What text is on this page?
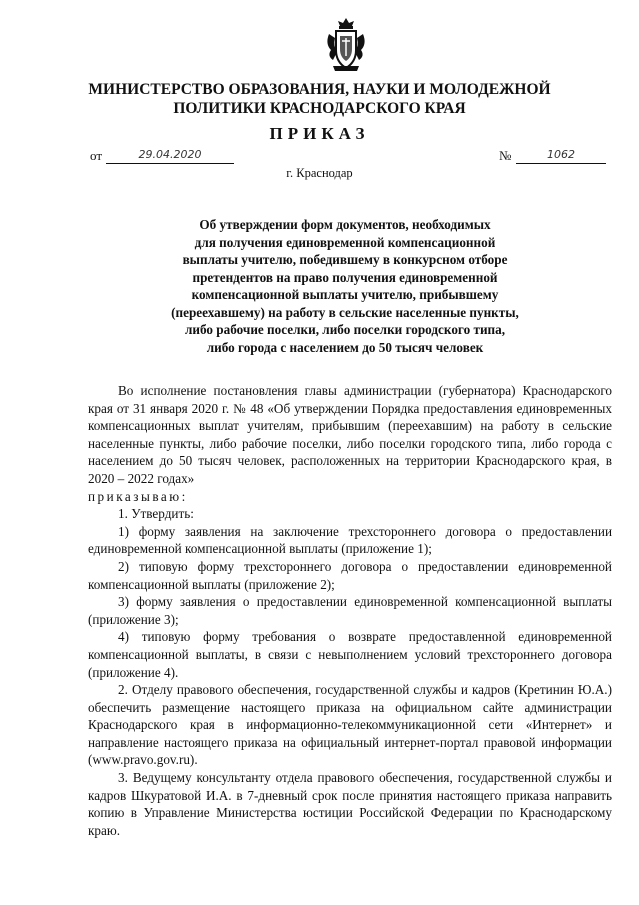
МИНИСТЕРСТВО ОБРАЗОВАНИЯ, НАУКИ И МОЛОДЕЖНОЙ
ПОЛИТИКИ КРАСНОДАРСКОГО КРАЯ
ПРИКАЗ
от	29.04.2020	№	1062
г. Краснодар
Об утверждении форм документов, необходимых
для получения единовременной компенсационной
выплаты учителю, победившему в конкурсном отборе
претендентов на право получения единовременной
компенсационной выплаты учителю, прибывшему
(переехавшему) на работу в сельские населенные пункты,
либо рабочие поселки, либо поселки городского типа,
либо города с населением до 50 тысяч человек

Во исполнение постановления главы администрации (губернатора) Краснодарского края от 31 января 2020 г. № 48 «Об утверждении Порядка предоставления единовременных компенсационных выплат учителям, прибывшим (переехавшим) на работу в сельские населенные пункты, либо рабочие поселки, либо поселки городского типа, либо города с населением до 50 тысяч человек, расположенных на территории Краснодарского края, в 2020 – 2022 годах»

приказываю:

1. Утвердить:

1) форму заявления на заключение трехстороннего договора о предоставлении единовременной компенсационной выплаты (приложение 1);

2) типовую форму трехстороннего договора о предоставлении единовременной компенсационной выплаты (приложение 2);

3) форму заявления о предоставлении единовременной компенсационной выплаты (приложение 3);

4) типовую форму требования о возврате предоставленной единовременной компенсационной выплаты, в связи с невыполнением условий трехстороннего договора (приложение 4).

2. Отделу правового обеспечения, государственной службы и кадров (Кретинин Ю.А.) обеспечить размещение настоящего приказа на официальном сайте администрации Краснодарского края в информационно-телекоммуникационной сети «Интернет» и направление настоящего приказа на официальный интернет-портал правовой информации (www.pravo.gov.ru).

3. Ведущему консультанту отдела правового обеспечения, государственной службы и кадров Шкуратовой И.А. в 7-дневный срок после принятия настоящего приказа направить копию в Управление Министерства юстиции Российской Федерации по Краснодарскому краю.
